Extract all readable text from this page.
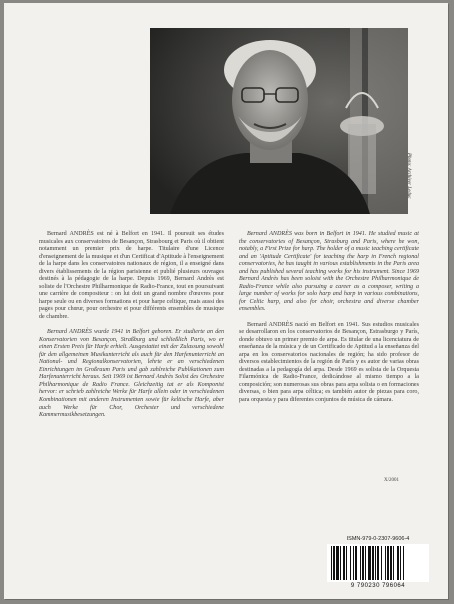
Photo: Archiver Leduc

Bernard ANDRÈS est né à Belfort en 1941. Il poursuit ses études musicales aux conservatoires de Besançon, Strasbourg et Paris où il obtient notamment un premier prix de harpe. Titulaire d'une Licence d'enseignement de la musique et d'un Certificat d'Aptitude à l'enseignement de la harpe dans les conservatoires nationaux de région, il a enseigné dans divers établissements de la région parisienne et publié plusieurs ouvrages destinés à la pédagogie de la harpe. Depuis 1969, Bernard Andrès est soliste de l'Orchestre Philharmonique de Radio-France, tout en poursuivant une carrière de compositeur : on lui doit un grand nombre d'œuvres pour harpe seule ou en diverses formations et pour harpe celtique, mais aussi des pages pour chœur, pour orchestre et pour différents ensembles de musique de chambre.

Bernard ANDRÈS wurde 1941 in Belfort geboren. Er studierte an den Konservatorien von Besançon, Straßburg und schließlich Paris, wo er einen Ersten Preis für Harfe erhielt. Ausgestattet mit der Zulassung sowohl für den allgemeinen Musikunterricht als auch für den Harfenunterricht an National- und Regionalkonservatorien, lehrte er an verschiedenen Einrichtungen im Großraum Paris und gab zahlreiche Publikationen zum Harfenunterricht heraus. Seit 1969 ist Bernard Andrès Solist des Orchestre Philharmonique de Radio France. Gleichzeitig tat er als Komponist hervor: er schrieb zahlreiche Werke für Harfe allein oder in verschiedenen Kombinationen mit anderen Instrumenten sowie für keltische Harfe, aber auch Werke für Chor, Orchester und verschiedene Kammermusikbesetzungen.

Bernard ANDRÈS was born in Belfort in 1941. He studied music at the conservatories of Besançon, Strasburg and Paris, where he won, notably, a First Prize for harp. The holder of a music teaching certificate and an 'Aptitude Certificate' for teaching the harp in French regional conservatories, he has taught in various establishments in the Paris area and has published several teaching works for his instrument. Since 1969 Bernard Andrès has been soloist with the Orchestre Philharmonique de Radio-France while also pursuing a career as a composer, writing a large number of works for solo harp and harp in various combinations, for Celtic harp, and also for choir, orchestra and diverse chamber ensembles.

Bernard ANDRÈS nació en Belfort en 1941. Sus estudios musicales se desarrollaron en los conservatorios de Besançon, Estrasburgo y París, donde obtuvo un primer premio de arpa. Es titular de una licenciatura de enseñanza de la música y de un Certificado de Aptitud a la enseñanza del arpa en los conservatorios nacionales de región; ha sido profesor de diversos establecimientos de la región de París y es autor de varias obras destinadas a la pedagogía del arpa. Desde 1969 es solista de la Orquesta Filarmónica de Radio-France, dedicándose al mismo tiempo a la composición; son numerosas sus obras para arpa solista o en formaciones diversas, o bien para arpa céltica; es también autor de piezas para coro, para orquesta y para diferentes conjuntos de música de cámara.

X/2001
ISMN-979-0-2307-9606-4
9 790230 796064
